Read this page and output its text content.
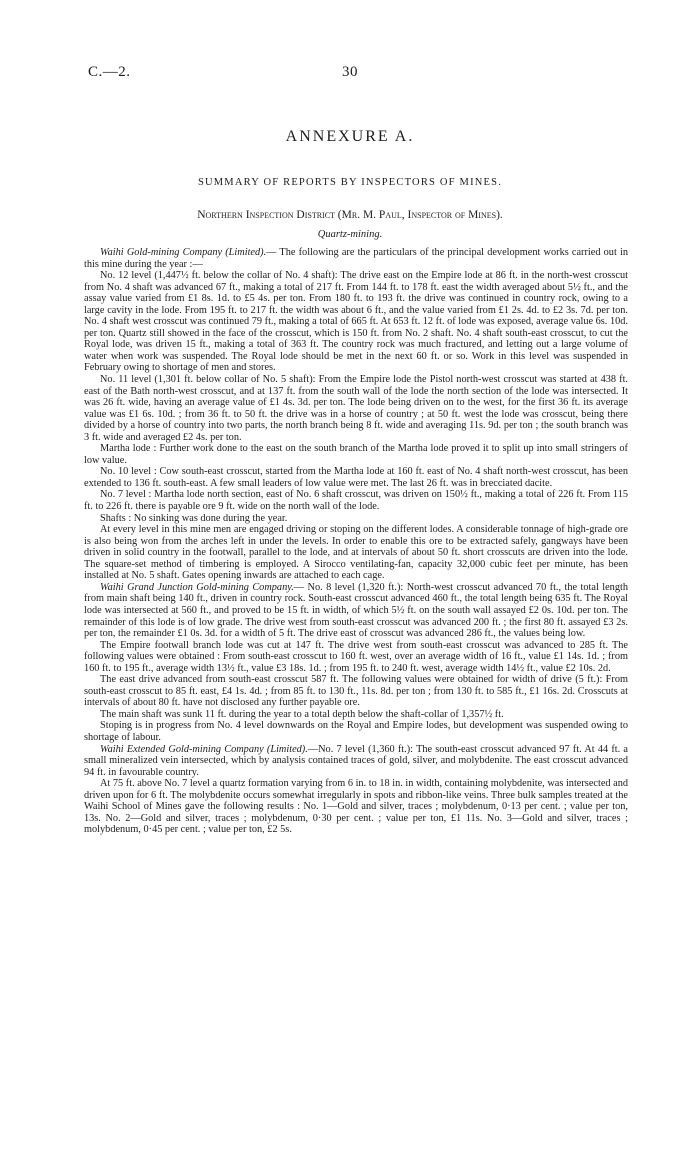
C.—2.	30
ANNEXURE A.
SUMMARY OF REPORTS BY INSPECTORS OF MINES.
Northern Inspection District (Mr. M. Paul, Inspector of Mines).
Quartz-mining.

Waihi Gold-mining Company (Limited).— The following are the particulars of the principal development works carried out in this mine during the year :—

No. 12 level (1,447½ ft. below the collar of No. 4 shaft): The drive east on the Empire lode at 86 ft. in the north-west crosscut from No. 4 shaft was advanced 67 ft., making a total of 217 ft. From 144 ft. to 178 ft. east the width averaged about 5½ ft., and the assay value varied from £1 8s. 1d. to £5 4s. per ton. From 180 ft. to 193 ft. the drive was continued in country rock, owing to a large cavity in the lode. From 195 ft. to 217 ft. the width was about 6 ft., and the value varied from £1 2s. 4d. to £2 3s. 7d. per ton. No. 4 shaft west crosscut was continued 79 ft., making a total of 665 ft. At 653 ft. 12 ft. of lode was exposed, average value 6s. 10d. per ton. Quartz still showed in the face of the crosscut, which is 150 ft. from No. 2 shaft. No. 4 shaft south-east crosscut, to cut the Royal lode, was driven 15 ft., making a total of 363 ft. The country rock was much fractured, and letting out a large volume of water when work was suspended. The Royal lode should be met in the next 60 ft. or so. Work in this level was suspended in February owing to shortage of men and stores.

No. 11 level (1,301 ft. below collar of No. 5 shaft): From the Empire lode the Pistol north-west crosscut was started at 438 ft. east of the Bath north-west crosscut, and at 137 ft. from the south wall of the lode the north section of the lode was intersected. It was 26 ft. wide, having an average value of £1 4s. 3d. per ton. The lode being driven on to the west, for the first 36 ft. its average value was £1 6s. 10d. ; from 36 ft. to 50 ft. the drive was in a horse of country ; at 50 ft. west the lode was crosscut, being there divided by a horse of country into two parts, the north branch being 8 ft. wide and averaging 11s. 9d. per ton ; the south branch was 3 ft. wide and averaged £2 4s. per ton.

Martha lode : Further work done to the east on the south branch of the Martha lode proved it to split up into small stringers of low value.

No. 10 level : Cow south-east crosscut, started from the Martha lode at 160 ft. east of No. 4 shaft north-west crosscut, has been extended to 136 ft. south-east. A few small leaders of low value were met. The last 26 ft. was in brecciated dacite.

No. 7 level : Martha lode north section, east of No. 6 shaft crosscut, was driven on 150½ ft., making a total of 226 ft. From 115 ft. to 226 ft. there is payable ore 9 ft. wide on the north wall of the lode.

Shafts : No sinking was done during the year.

At every level in this mine men are engaged driving or stoping on the different lodes. A considerable tonnage of high-grade ore is also being won from the arches left in under the levels. In order to enable this ore to be extracted safely, gangways have been driven in solid country in the footwall, parallel to the lode, and at intervals of about 50 ft. short crosscuts are driven into the lode. The square-set method of timbering is employed. A Sirocco ventilating-fan, capacity 32,000 cubic feet per minute, has been installed at No. 5 shaft. Gates opening inwards are attached to each cage.

Waihi Grand Junction Gold-mining Company.— No. 8 level (1,320 ft.): North-west crosscut advanced 70 ft., the total length from main shaft being 140 ft., driven in country rock. South-east crosscut advanced 460 ft., the total length being 635 ft. The Royal lode was intersected at 560 ft., and proved to be 15 ft. in width, of which 5½ ft. on the south wall assayed £2 0s. 10d. per ton. The remainder of this lode is of low grade. The drive west from south-east crosscut was advanced 200 ft. ; the first 80 ft. assayed £3 2s. per ton, the remainder £1 0s. 3d. for a width of 5 ft. The drive east of crosscut was advanced 286 ft., the values being low.

The Empire footwall branch lode was cut at 147 ft. The drive west from south-east crosscut was advanced to 285 ft. The following values were obtained : From south-east crosscut to 160 ft. west, over an average width of 16 ft., value £1 14s. 1d. ; from 160 ft. to 195 ft., average width 13½ ft., value £3 18s. 1d. ; from 195 ft. to 240 ft. west, average width 14½ ft., value £2 10s. 2d.

The east drive advanced from south-east crosscut 587 ft. The following values were obtained for width of drive (5 ft.): From south-east crosscut to 85 ft. east, £4 1s. 4d. ; from 85 ft. to 130 ft., 11s. 8d. per ton ; from 130 ft. to 585 ft., £1 16s. 2d. Crosscuts at intervals of about 80 ft. have not disclosed any further payable ore.

The main shaft was sunk 11 ft. during the year to a total depth below the shaft-collar of 1,357½ ft.

Stoping is in progress from No. 4 level downwards on the Royal and Empire lodes, but development was suspended owing to shortage of labour.

Waihi Extended Gold-mining Company (Limited).—No. 7 level (1,360 ft.): The south-east crosscut advanced 97 ft. At 44 ft. a small mineralized vein intersected, which by analysis contained traces of gold, silver, and molybdenite. The east crosscut advanced 94 ft. in favourable country.

At 75 ft. above No. 7 level a quartz formation varying from 6 in. to 18 in. in width, containing molybdenite, was intersected and driven upon for 6 ft. The molybdenite occurs somewhat irregularly in spots and ribbon-like veins. Three bulk samples treated at the Waihi School of Mines gave the following results : No. 1—Gold and silver, traces ; molybdenum, 0·13 per cent. ; value per ton, 13s. No. 2—Gold and silver, traces ; molybdenum, 0·30 per cent. ; value per ton, £1 11s. No. 3—Gold and silver, traces ; molybdenum, 0·45 per cent. ; value per ton, £2 5s.
